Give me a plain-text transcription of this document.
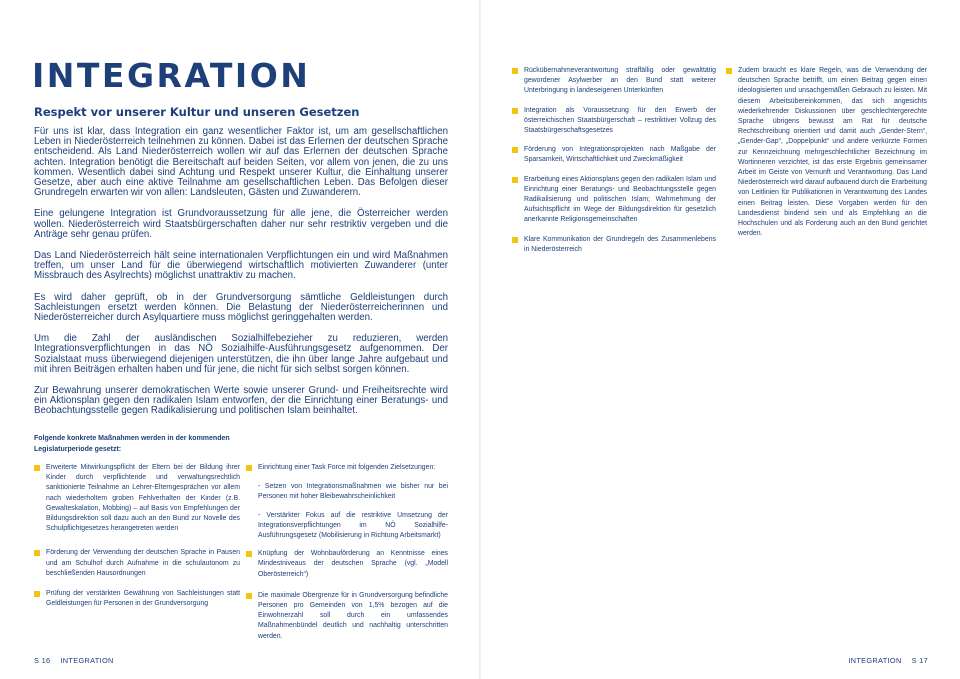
INTEGRATION
Respekt vor unserer Kultur und unseren Gesetzen

Für uns ist klar, dass Integration ein ganz wesentlicher Faktor ist, um am gesellschaftlichen Leben in Niederösterreich teilnehmen zu können. Dabei ist das Erlernen der deutschen Sprache entscheidend. Als Land Niederösterreich wollen wir auf das Erlernen der deutschen Sprache achten. Integration benötigt die Bereitschaft auf beiden Seiten, vor allem von jenen, die zu uns kommen. Wesentlich dabei sind Achtung und Respekt unserer Kultur, die Einhaltung unserer Gesetze, aber auch eine aktive Teilnahme am gesellschaftlichen Leben. Das Befolgen dieser Grundregeln erwarten wir von allen: Landsleuten, Gästen und Zuwanderern.

Eine gelungene Integration ist Grundvoraussetzung für alle jene, die Österreicher werden wollen. Niederösterreich wird Staatsbürgerschaften daher nur sehr restriktiv vergeben und die Anträge sehr genau prüfen.

Das Land Niederösterreich hält seine internationalen Verpflichtungen ein und wird Maßnahmen treffen, um unser Land für die überwiegend wirtschaftlich motivierten Zuwanderer (unter Missbrauch des Asylrechts) möglichst unattraktiv zu machen.

Es wird daher geprüft, ob in der Grundversorgung sämtliche Geldleistungen durch Sachleistungen ersetzt werden können. Die Belastung der Niederösterreicherinnen und Niederösterreicher durch Asylquartiere muss möglichst geringgehalten werden.

Um die Zahl der ausländischen Sozialhilfebezieher zu reduzieren, werden Integrationsverpflichtungen in das NÖ Sozialhilfe-Ausführungsgesetz aufgenommen. Der Sozialstaat muss überwiegend diejenigen unterstützen, die ihn über lange Jahre aufgebaut und mit ihren Beiträgen erhalten haben und für jene, die nicht für sich selbst sorgen können.

Zur Bewahrung unserer demokratischen Werte sowie unserer Grund- und Freiheitsrechte wird ein Aktionsplan gegen den radikalen Islam entworfen, der die Einrichtung einer Beratungs- und Beobachtungsstelle gegen Radikalisierung und politischen Islam beinhaltet.

Folgende konkrete Maßnahmen werden in der kommenden Legislaturperiode gesetzt:

Erweiterte Mitwirkungspflicht der Eltern bei der Bildung ihrer Kinder durch verpflichtende und verwaltungsrechtlich sanktionierte Teilnahme an Lehrer-Elterngesprächen vor allem nach wiederholtem groben Fehlverhalten der Kinder (z.B. Gewalteskalation, Mobbing) – auf Basis von Empfehlungen der Bildungsdirektion soll dazu auch an den Bund zur Novelle des Schulpflichtgesetzes herangetreten werden
Förderung der Verwendung der deutschen Sprache in Pausen und am Schulhof durch Aufnahme in die schulautonom zu beschließenden Hausordnungen
Prüfung der verstärkten Gewährung von Sachleistungen statt Geldleistungen für Personen in der Grundversorgung

Einrichtung einer Task Force mit folgenden Zielsetzungen:

- Setzen von Integrationsmaßnahmen wie bisher nur bei Personen mit hoher Bleibewahrscheinlichkeit

- Verstärkter Fokus auf die restriktive Umsetzung der Integrationsverpflichtungen im NÖ Sozialhilfe-Ausführungsgesetz (Mobilisierung in Richtung Arbeitsmarkt)

Knüpfung der Wohnbauförderung an Kenntnisse eines Mindestniveaus der deutschen Sprache (vgl. „Modell Oberösterreich“)
Die maximale Obergrenze für in Grundversorgung befindliche Personen pro Gemeinden von 1,5% bezogen auf die Einwohnerzahl soll durch ein umfassendes Maßnahmenbündel deutlich und nachhaltig unterschritten werden.
S 16 INTEGRATION	INTEGRATION S 17
Rückübernahmeverantwortung straffällig oder gewalttätig gewordener Asylwerber an den Bund statt weiterer Unterbringung in landeseigenen Unterkünften
Integration als Voraussetzung für den Erwerb der österreichischen Staatsbürgerschaft – restriktiver Vollzug des Staatsbürgerschaftsgesetzes
Förderung von Integrationsprojekten nach Maßgabe der Sparsamkeit, Wirtschaftlichkeit und Zweckmäßigkeit
Erarbeitung eines Aktionsplans gegen den radikalen Islam und Einrichtung einer Beratungs- und Beobachtungsstelle gegen Radikalisierung und politischen Islam; Wahrnehmung der Aufsichtspflicht im Wege der Bildungsdirektion für gesetzlich anerkannte Religionsgemeinschaften
Klare Kommunikation der Grundregeln des Zusammenlebens in Niederösterreich
Zudem braucht es klare Regeln, was die Verwendung der deutschen Sprache betrifft, um einen Beitrag gegen einen ideologisierten und unsachgemäßen Gebrauch zu leisten. Mit diesem Arbeitsübereinkommen, das sich angesichts wiederkehrender Diskussionen über geschlechtergerechte Sprache übrigens bewusst am Rat für deutsche Rechtschreibung orientiert und damit auch „Gender-Stern“, „Gender-Gap“, „Doppelpunkt“ und andere verkürzte Formen zur Kennzeichnung mehrgeschlechtlicher Bezeichnung im Wortinneren verzichtet, ist das erste Ergebnis gemeinsamer Arbeit im Geiste von Vernunft und Verantwortung. Das Land Niederösterreich wird darauf aufbauend durch die Erarbeitung von Leitlinien für Publikationen in Verantwortung des Landes einen Beitrag leisten. Diese Vorgaben werden für den Landesdienst bindend sein und als Empfehlung an die Hochschulen und als Forderung auch an den Bund gerichtet werden.
